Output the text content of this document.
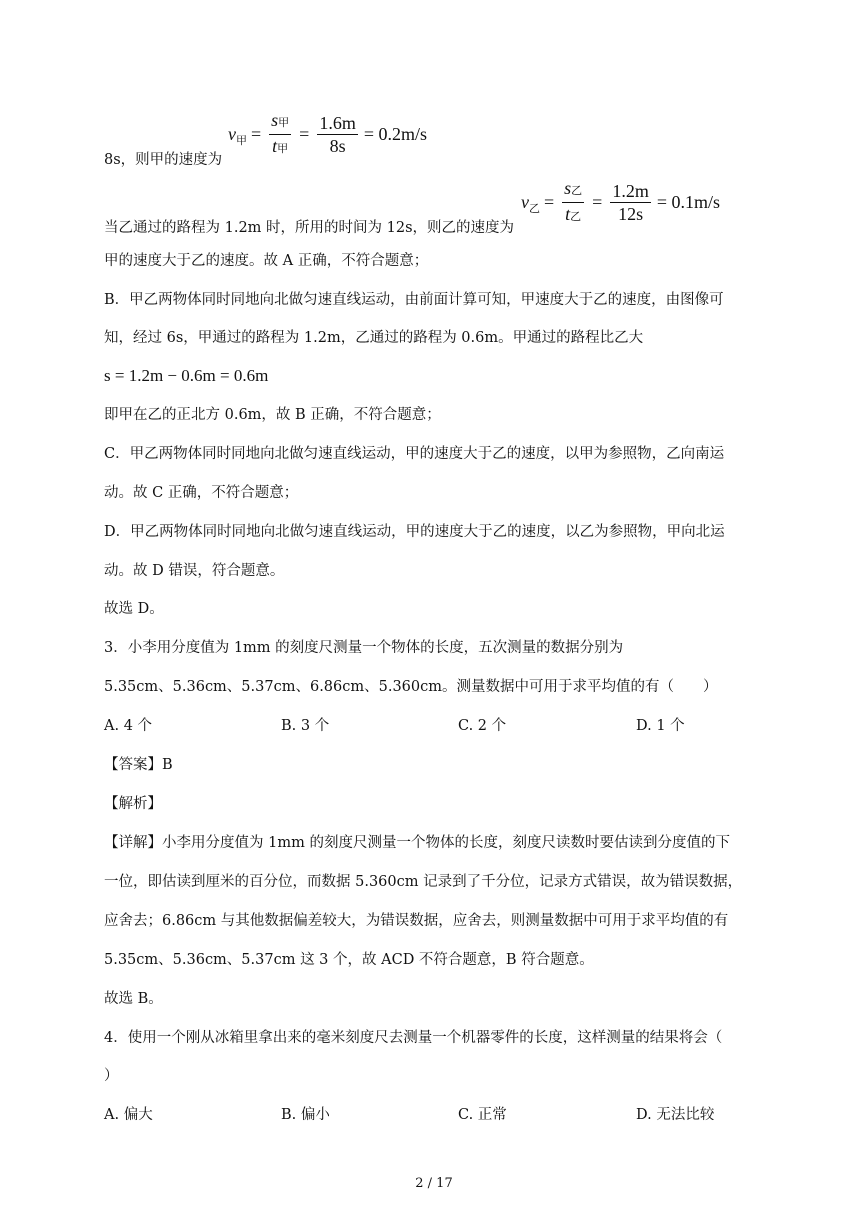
v 甲 = $\frac{\text{s甲}}{\text{t甲}} = \frac{1.6m}{8s} = 0.2m/s$
8s，则甲的速度为
v 乙 = $\frac{\text{s乙}}{\text{t乙}} = \frac{1.2m}{12s} = 0.1m/s$
当乙通过的路程为 1.2m 时，所用的时间为 12s，则乙的速度为
甲的速度大于乙的速度。故 A 正确，不符合题意；
B．甲乙两物体同时同地向北做匀速直线运动，由前面计算可知，甲速度大于乙的速度，由图像可
知，经过 6s，甲通过的路程为 1.2m，乙通过的路程为 0.6m。甲通过的路程比乙大
s = 1.2m − 0.6m = 0.6m
即甲在乙的正北方 0.6m，故 B 正确，不符合题意；
C．甲乙两物体同时同地向北做匀速直线运动，甲的速度大于乙的速度，以甲为参照物，乙向南运
动。故 C 正确，不符合题意；
D．甲乙两物体同时同地向北做匀速直线运动，甲的速度大于乙的速度，以乙为参照物，甲向北运
动。故 D 错误，符合题意。
故选 D。
3．小李用分度值为 1mm 的刻度尺测量一个物体的长度，五次测量的数据分别为
5.35cm、5.36cm、5.37cm、6.86cm、5.360cm。测量数据中可用于求平均值的有（　　）
A. 4 个	B. 3 个	C. 2 个	D. 1 个
【答案】B
【解析】
【详解】小李用分度值为 1mm 的刻度尺测量一个物体的长度，刻度尺读数时要估读到分度值的下
一位，即估读到厘米的百分位，而数据 5.360cm 记录到了千分位，记录方式错误，故为错误数据，
应舍去；6.86cm 与其他数据偏差较大，为错误数据，应舍去，则测量数据中可用于求平均值的有
5.35cm、5.36cm、5.37cm 这 3 个，故 ACD 不符合题意，B 符合题意。
故选 B。
4．使用一个刚从冰箱里拿出来的毫米刻度尺去测量一个机器零件的长度，这样测量的结果将会（
）
A. 偏大	B. 偏小	C. 正常	D. 无法比较
2 / 17
